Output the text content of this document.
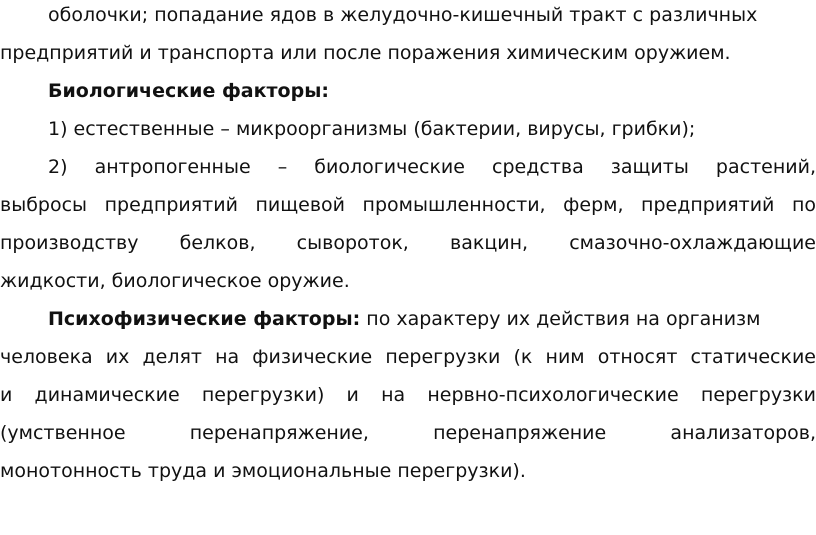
оболочки; попадание ядов в желудочно-кишечный тракт с различных
предприятий и транспорта или после поражения химическим оружием.
Биологические факторы:
1) естественные – микроорганизмы (бактерии, вирусы, грибки);
2) антропогенные – биологические средства защиты растений,
выбросы предприятий пищевой промышленности, ферм, предприятий по
производству белков, сывороток, вакцин, смазочно-охлаждающие
жидкости, биологическое оружие.
Психофизические факторы: по характеру их действия на организм
человека их делят на физические перегрузки (к ним относят статические
и динамические перегрузки) и на нервно-психологические перегрузки
(умственное перенапряжение, перенапряжение анализаторов,
монотонность труда и эмоциональные перегрузки).
